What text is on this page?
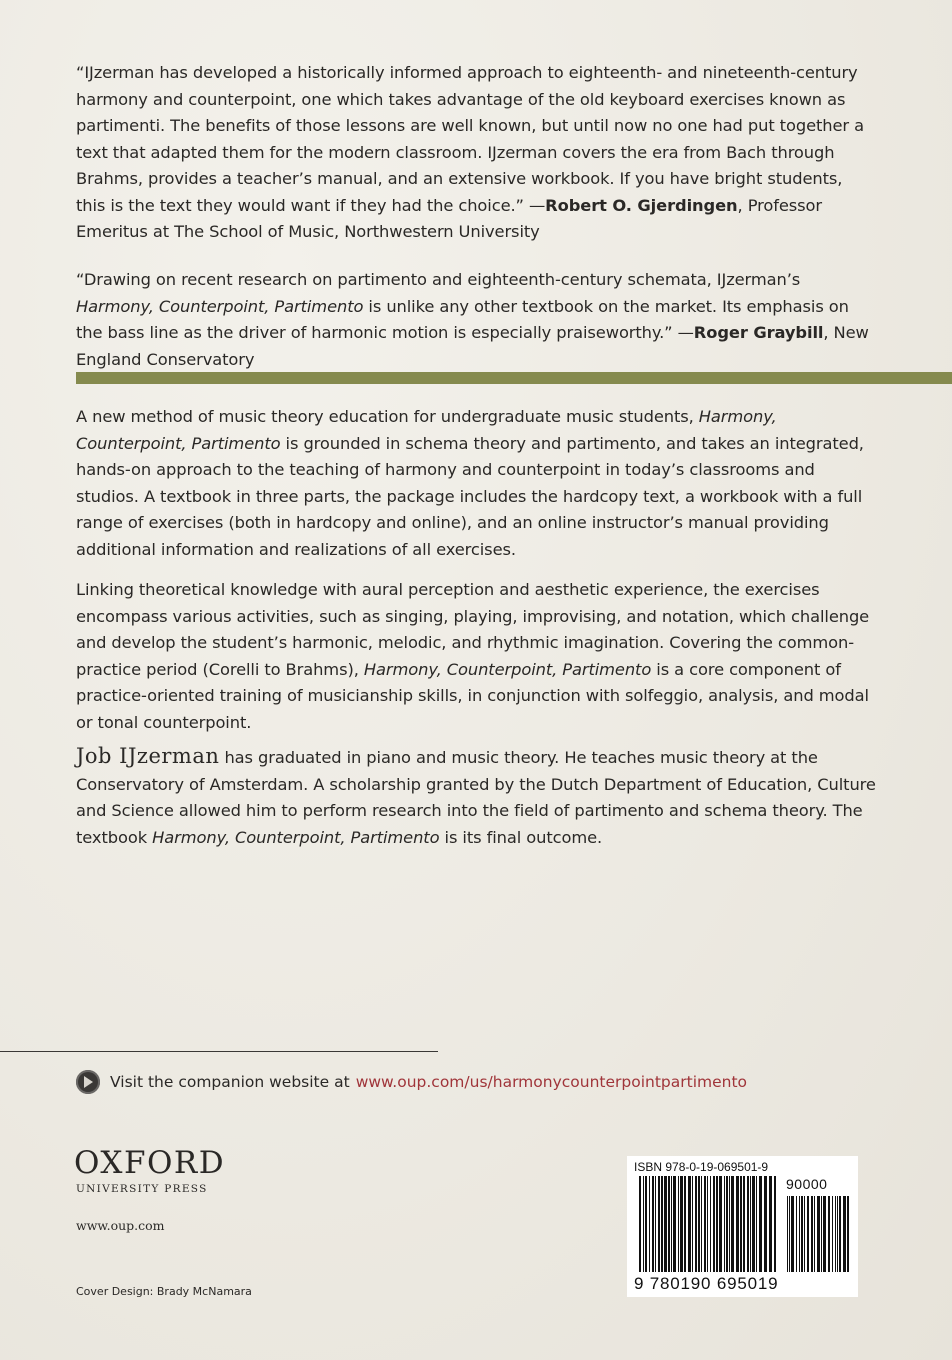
“IJzerman has developed a historically informed approach to eighteenth- and nineteenth-century harmony and counterpoint, one which takes advantage of the old keyboard exercises known as partimenti. The benefits of those lessons are well known, but until now no one had put together a text that adapted them for the modern classroom. IJzerman covers the era from Bach through Brahms, provides a teacher’s manual, and an extensive workbook. If you have bright students, this is the text they would want if they had the choice.” —Robert O. Gjerdingen, Professor Emeritus at The School of Music, Northwestern University
“Drawing on recent research on partimento and eighteenth-century schemata, IJzerman’s Harmony, Counterpoint, Partimento is unlike any other textbook on the market. Its emphasis on the bass line as the driver of harmonic motion is especially praiseworthy.” —Roger Graybill, New England Conservatory
A new method of music theory education for undergraduate music students, Harmony, Counterpoint, Partimento is grounded in schema theory and partimento, and takes an integrated, hands-on approach to the teaching of harmony and counterpoint in today’s classrooms and studios. A textbook in three parts, the package includes the hardcopy text, a workbook with a full range of exercises (both in hardcopy and online), and an online instructor’s manual providing additional information and realizations of all exercises.
Linking theoretical knowledge with aural perception and aesthetic experience, the exercises encompass various activities, such as singing, playing, improvising, and notation, which challenge and develop the student’s harmonic, melodic, and rhythmic imagination. Covering the common-practice period (Corelli to Brahms), Harmony, Counterpoint, Partimento is a core component of practice-oriented training of musicianship skills, in conjunction with solfeggio, analysis, and modal or tonal counterpoint.
Job IJzerman has graduated in piano and music theory. He teaches music theory at the Conservatory of Amsterdam. A scholarship granted by the Dutch Department of Education, Culture and Science allowed him to perform research into the field of partimento and schema theory. The textbook Harmony, Counterpoint, Partimento is its final outcome.
Visit the companion website at www.oup.com/us/harmonycounterpointpartimento
OXFORD
UNIVERSITY PRESS
www.oup.com
Cover Design: Brady McNamara
ISBN 978-0-19-069501-9
90000
9 780190 695019
